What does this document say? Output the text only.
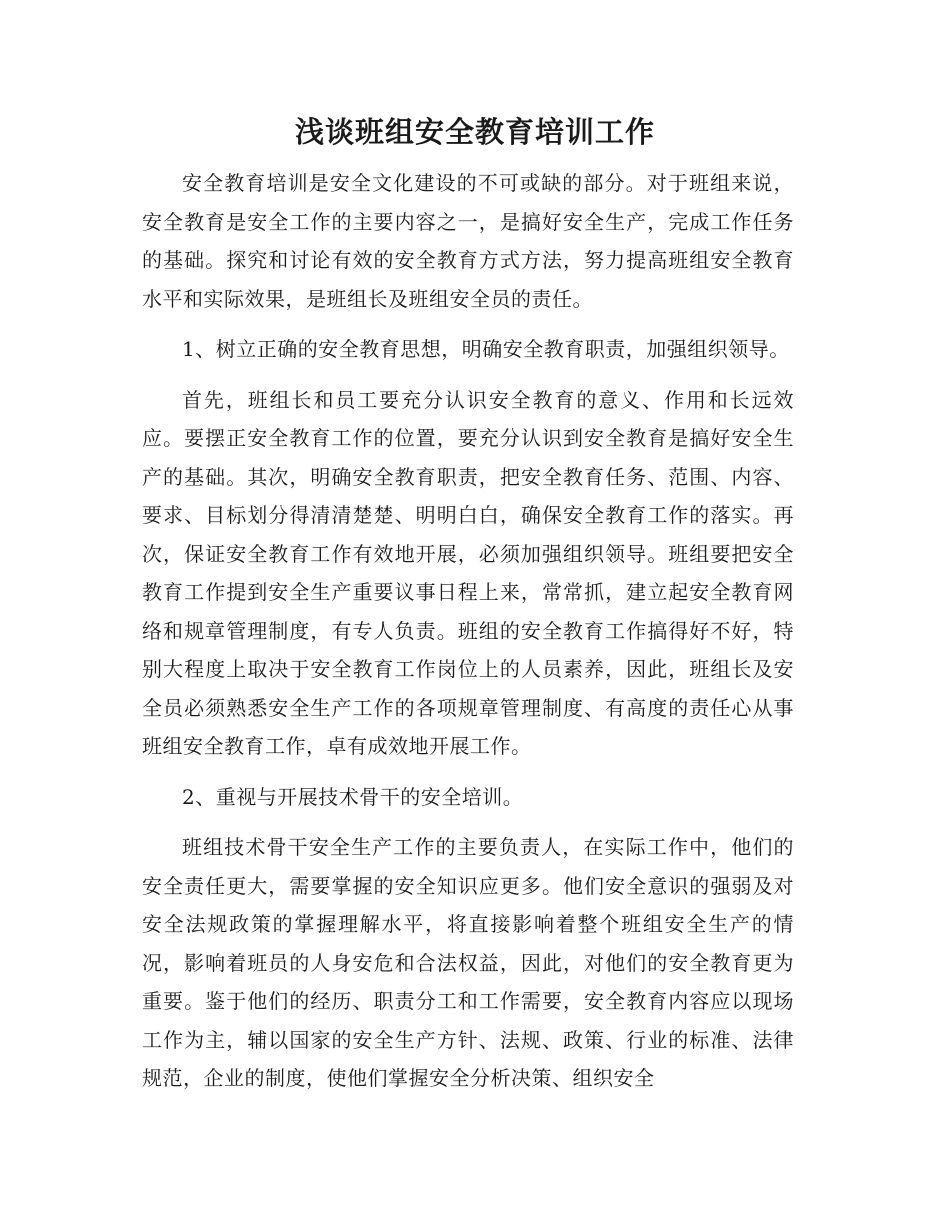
浅谈班组安全教育培训工作

安全教育培训是安全文化建设的不可或缺的部分。对于班组来说，安全教育是安全工作的主要内容之一，是搞好安全生产，完成工作任务的基础。探究和讨论有效的安全教育方式方法，努力提高班组安全教育水平和实际效果，是班组长及班组安全员的责任。

1、树立正确的安全教育思想，明确安全教育职责，加强组织领导。

首先，班组长和员工要充分认识安全教育的意义、作用和长远效应。要摆正安全教育工作的位置，要充分认识到安全教育是搞好安全生产的基础。其次，明确安全教育职责，把安全教育任务、范围、内容、要求、目标划分得清清楚楚、明明白白，确保安全教育工作的落实。再次，保证安全教育工作有效地开展，必须加强组织领导。班组要把安全教育工作提到安全生产重要议事日程上来，常常抓，建立起安全教育网络和规章管理制度，有专人负责。班组的安全教育工作搞得好不好，特别大程度上取决于安全教育工作岗位上的人员素养，因此，班组长及安全员必须熟悉安全生产工作的各项规章管理制度、有高度的责任心从事班组安全教育工作，卓有成效地开展工作。

2、重视与开展技术骨干的安全培训。

班组技术骨干安全生产工作的主要负责人，在实际工作中，他们的安全责任更大，需要掌握的安全知识应更多。他们安全意识的强弱及对安全法规政策的掌握理解水平，将直接影响着整个班组安全生产的情况，影响着班员的人身安危和合法权益，因此，对他们的安全教育更为重要。鉴于他们的经历、职责分工和工作需要，安全教育内容应以现场工作为主，辅以国家的安全生产方针、法规、政策、行业的标准、法律规范，企业的制度，使他们掌握安全分析决策、组织安全
